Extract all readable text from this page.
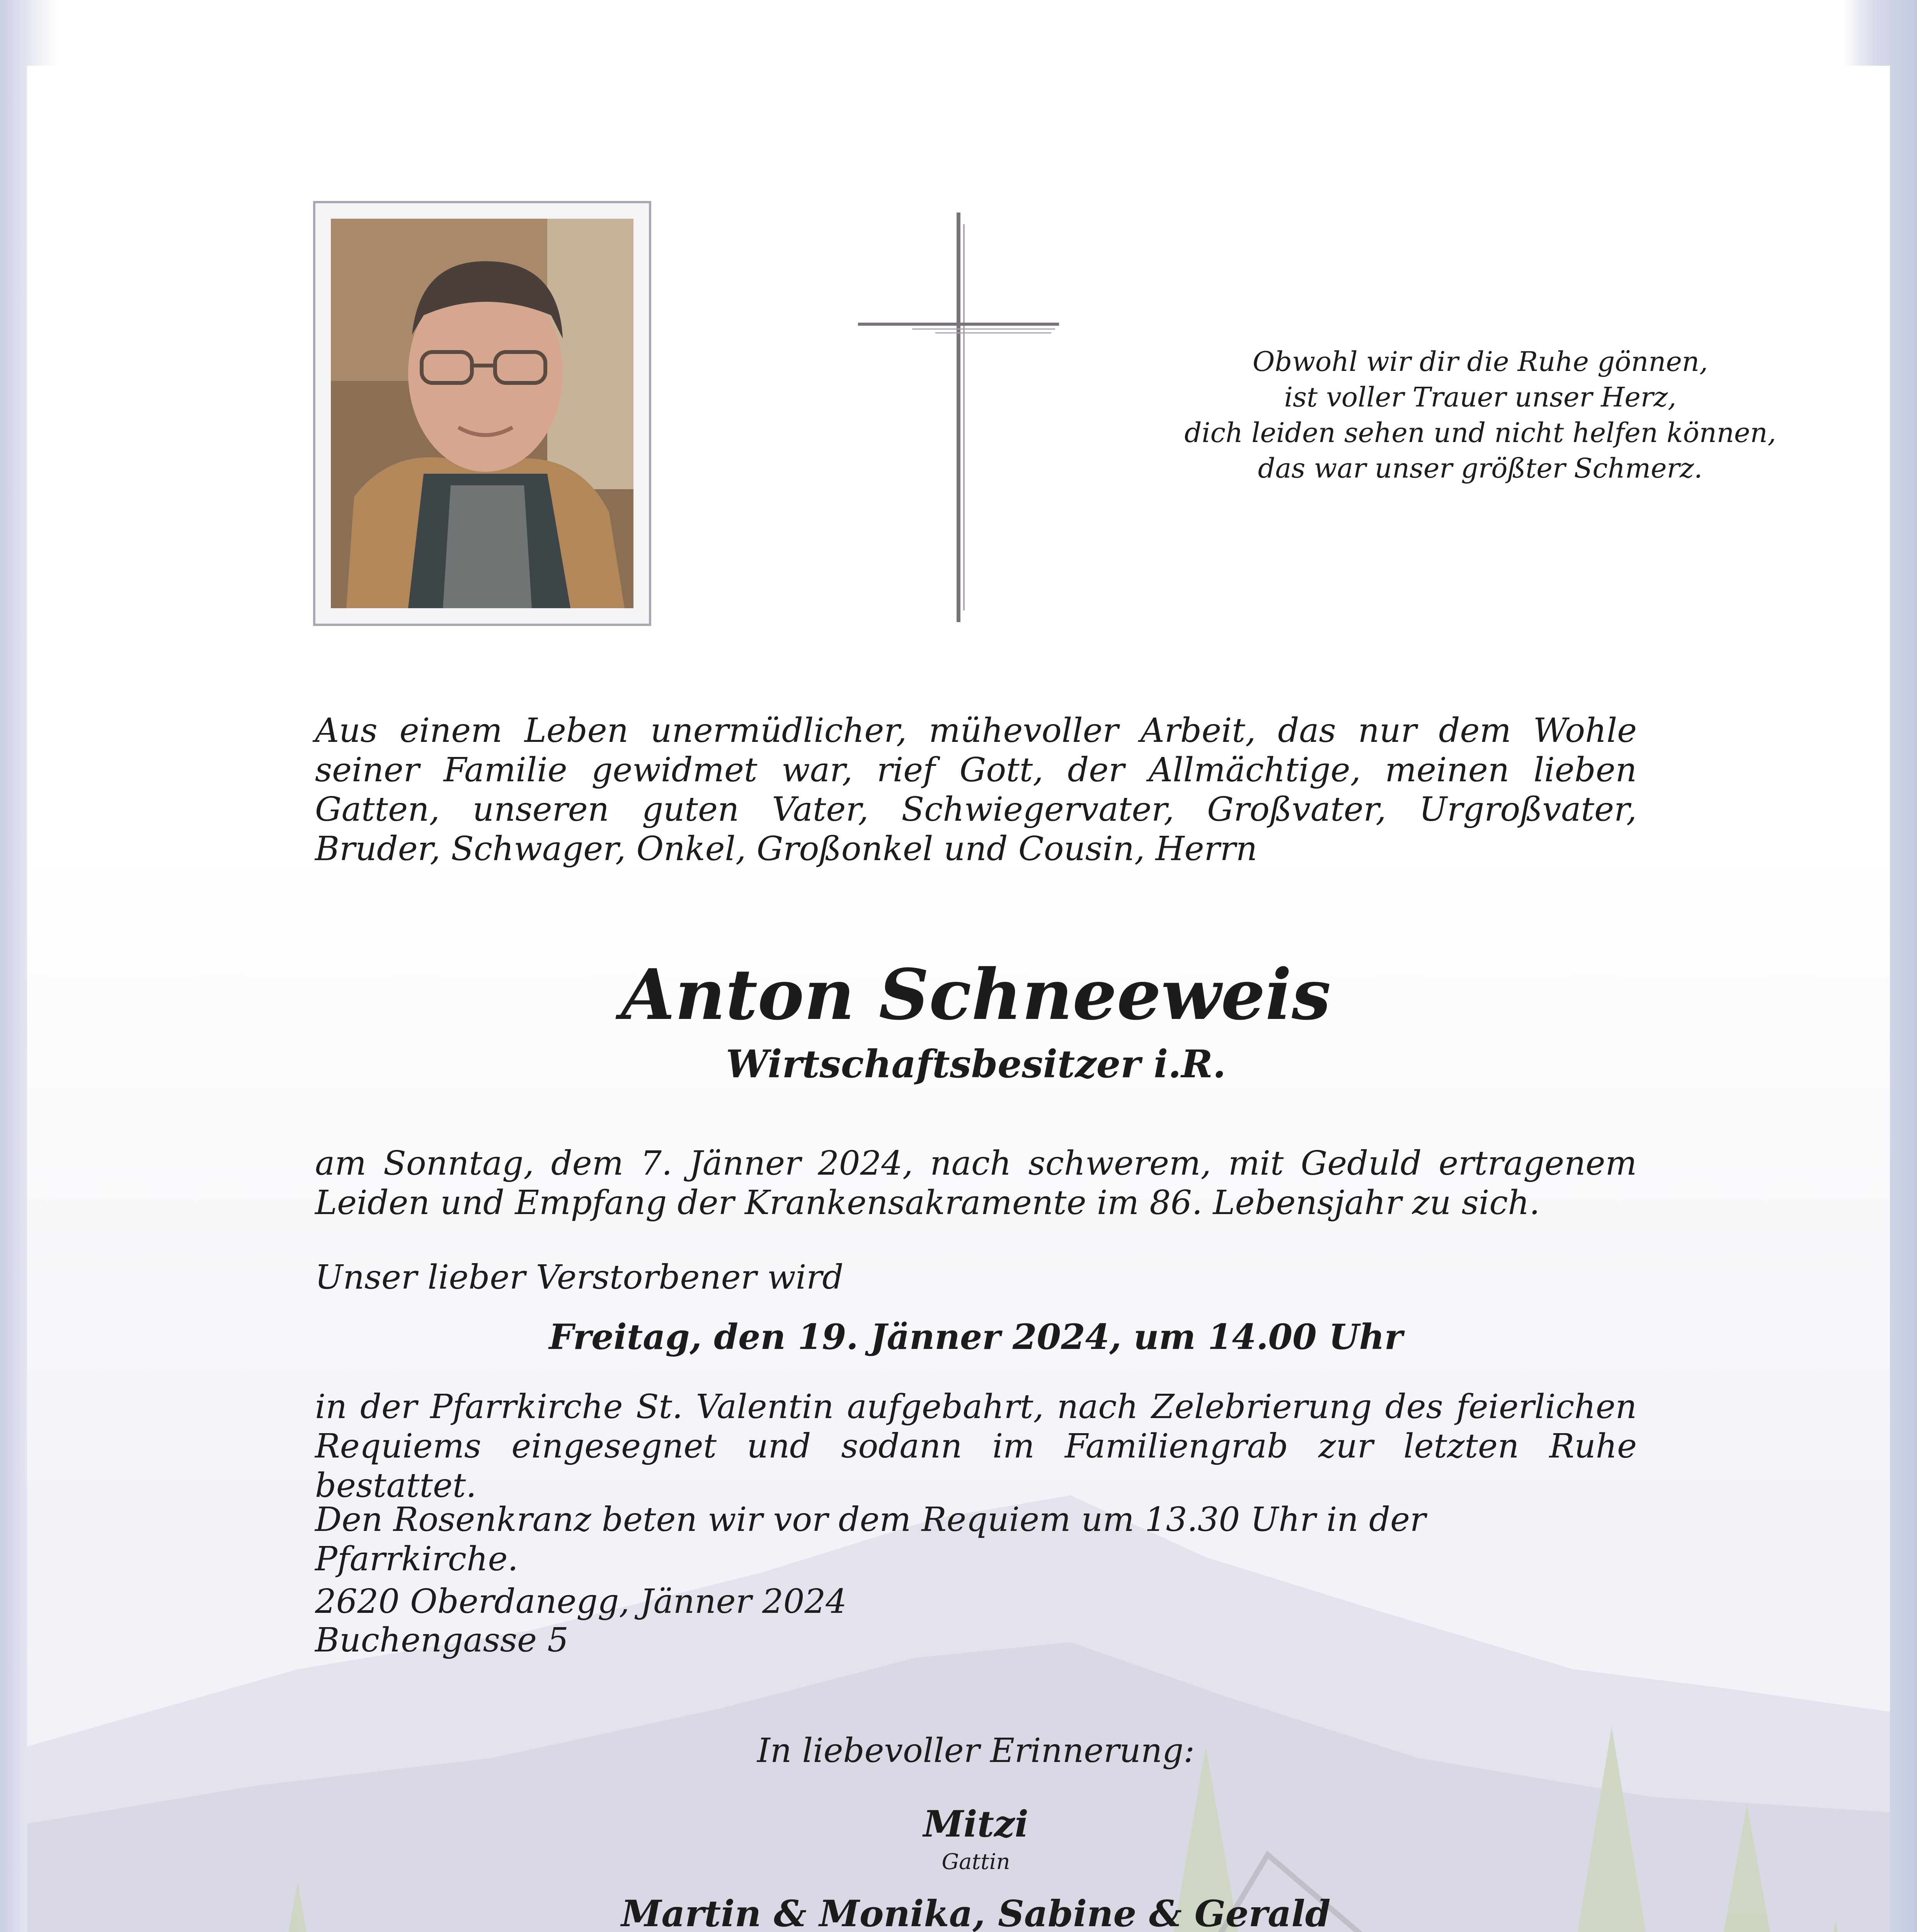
Obwohl wir dir die Ruhe gönnen,
ist voller Trauer unser Herz,
dich leiden sehen und nicht helfen können,
das war unser größter Schmerz.
Aus einem Leben unermüdlicher, mühevoller Arbeit, das nur dem Wohle seiner Familie gewidmet war, rief Gott, der Allmächtige, meinen lieben Gatten, unseren guten Vater, Schwiegervater, Großvater, Urgroßvater, Bruder, Schwager, Onkel, Großonkel und Cousin, Herrn
Anton Schneeweis
Wirtschaftsbesitzer i.R.
am Sonntag, dem 7. Jänner 2024, nach schwerem, mit Geduld ertragenem Leiden und Empfang der Krankensakramente im 86. Lebensjahr zu sich.
Unser lieber Verstorbener wird
Freitag, den 19. Jänner 2024, um 14.00 Uhr
in der Pfarrkirche St. Valentin aufgebahrt, nach Zelebrierung des feierlichen Requiems eingesegnet und sodann im Familiengrab zur letzten Ruhe bestattet.
Den Rosenkranz beten wir vor dem Requiem um 13.30 Uhr in der Pfarrkirche.
2620 Oberdanegg, Jänner 2024
Buchengasse 5
In liebevoller Erinnerung:
Mitzi
Gattin
Martin & Monika, Sabine & Gerald
